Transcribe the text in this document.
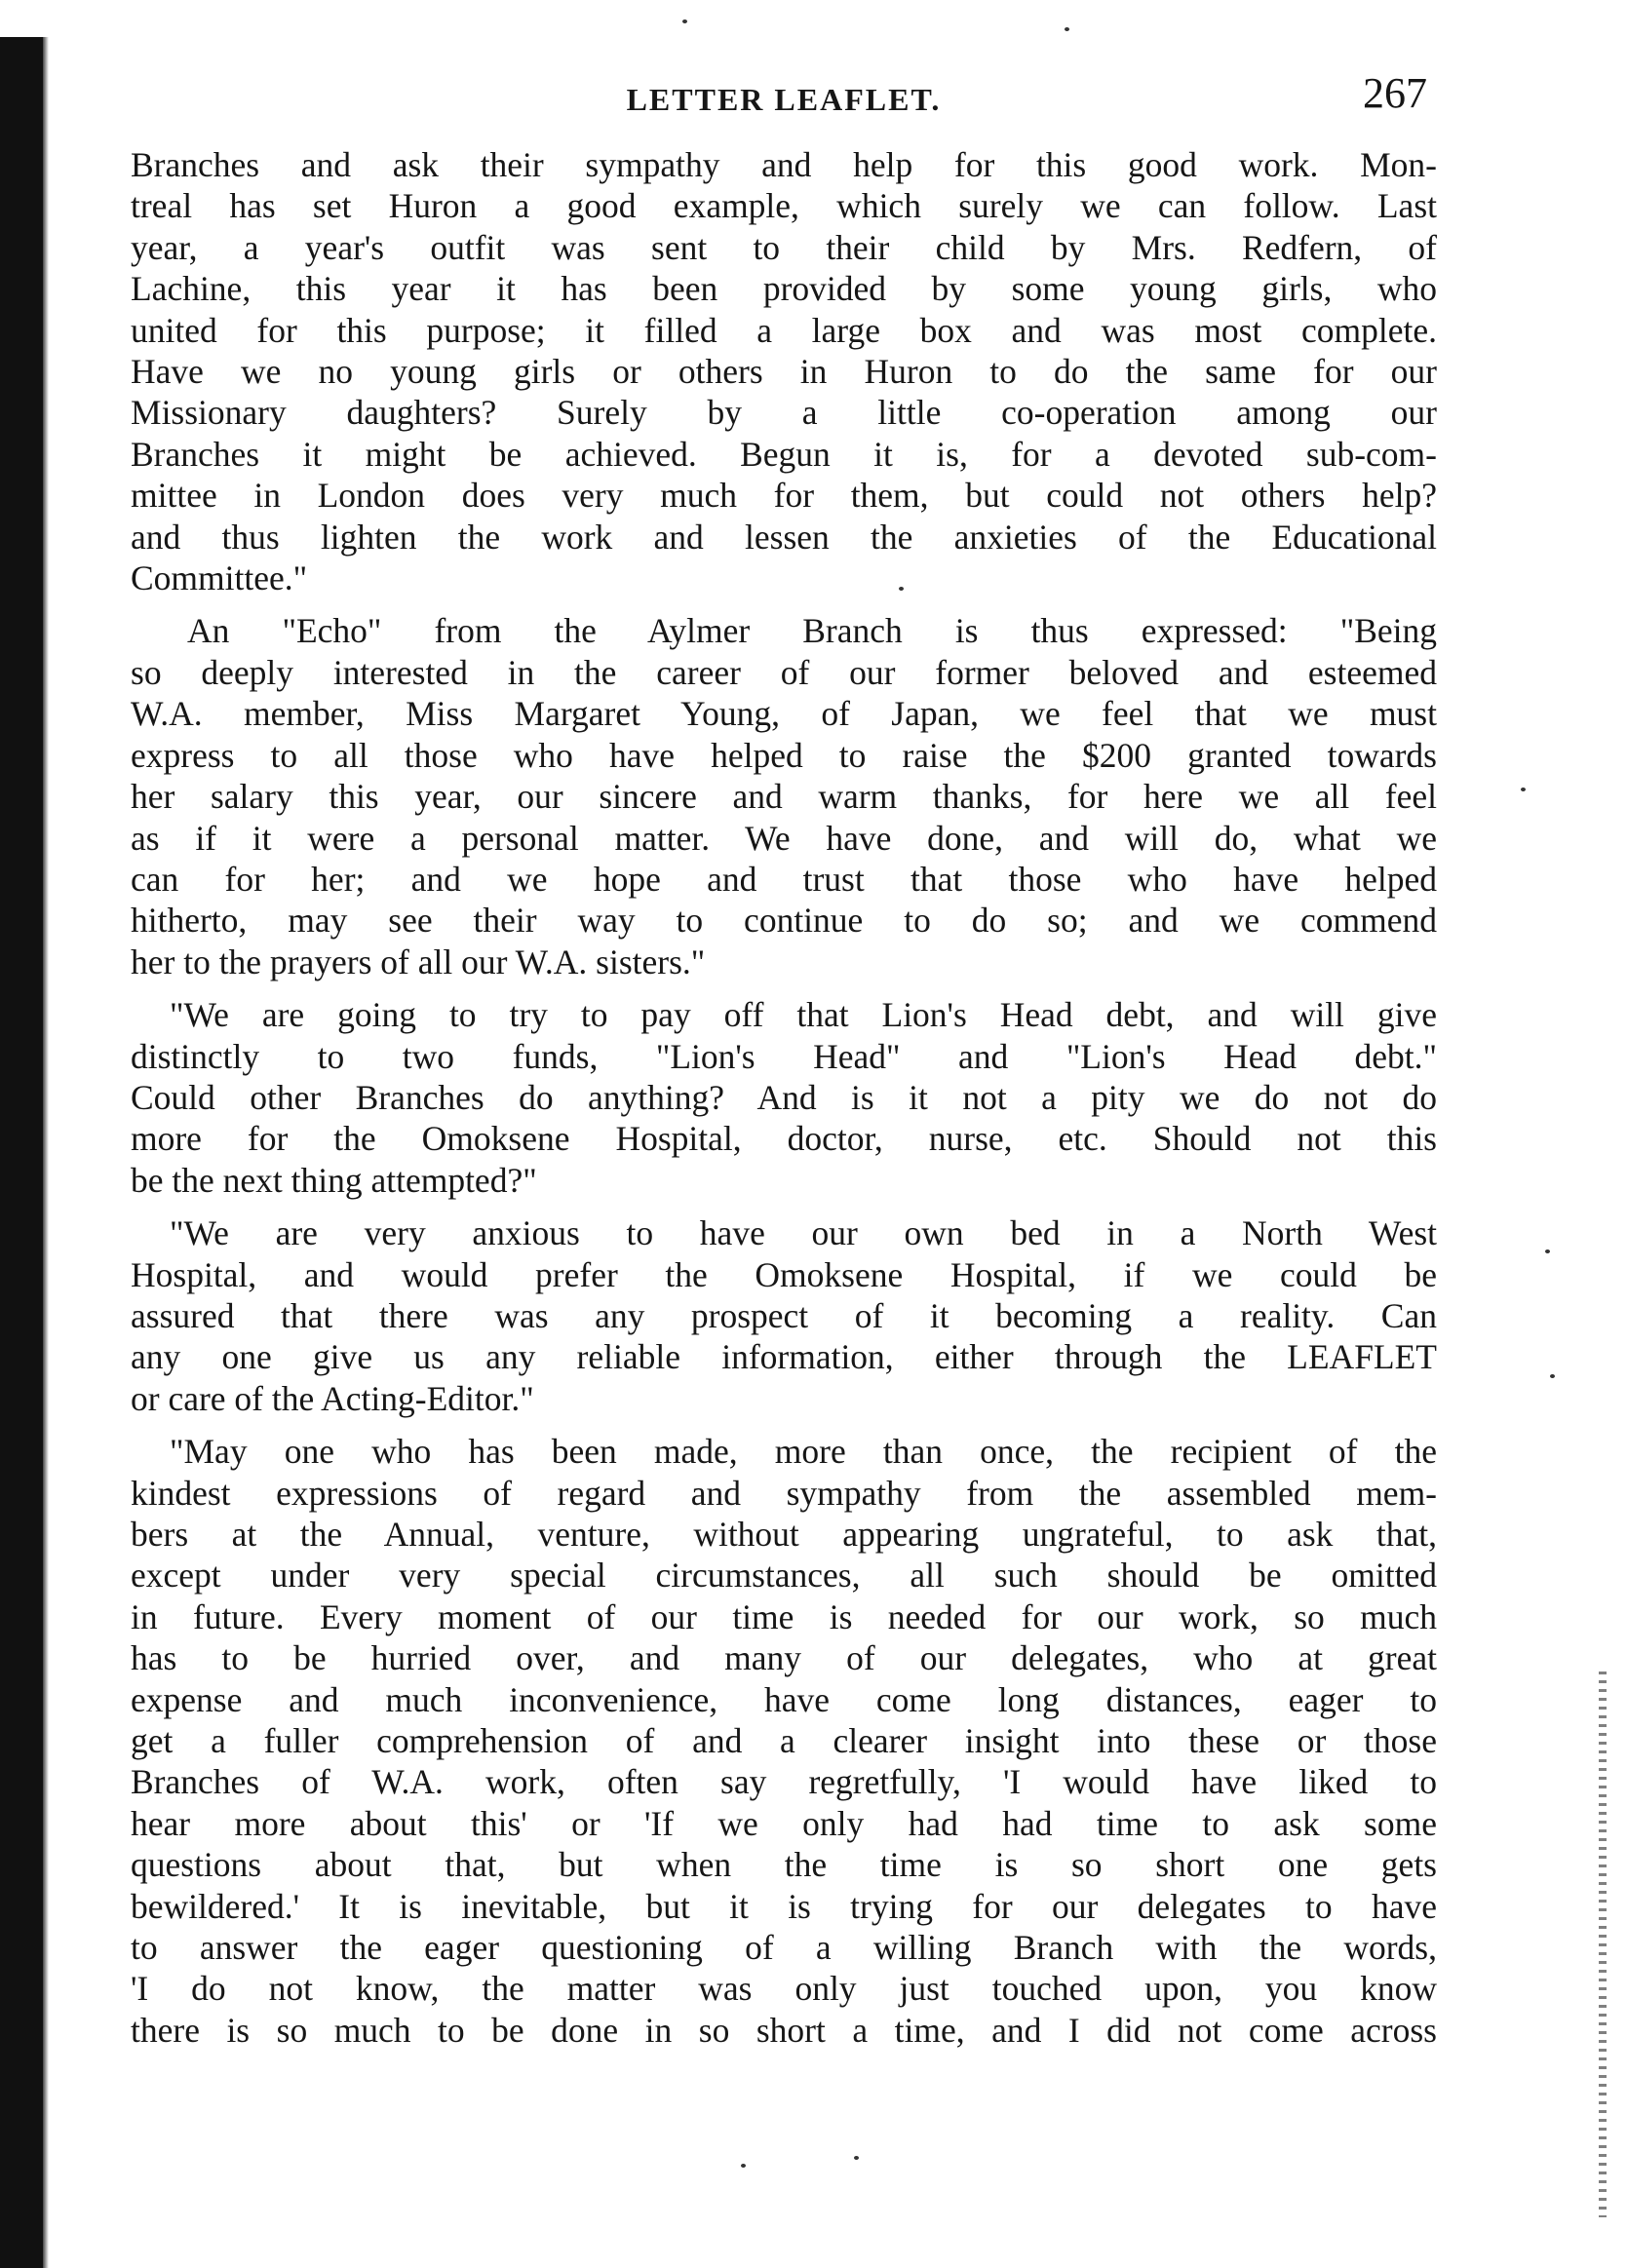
LETTER LEAFLET.	267
Branches and ask their sympathy and help for this good work. Mon-
treal has set Huron a good example, which surely we can follow. Last
year, a year's outfit was sent to their child by Mrs. Redfern, of
Lachine, this year it has been provided by some young girls, who
united for this purpose; it filled a large box and was most complete.
Have we no young girls or others in Huron to do the same for our
Missionary daughters? Surely by a little co-operation among our
Branches it might be achieved. Begun it is, for a devoted sub-com-
mittee in London does very much for them, but could not others help?
and thus lighten the work and lessen the anxieties of the Educational
Committee."
An "Echo" from the Aylmer Branch is thus expressed: "Being
so deeply interested in the career of our former beloved and esteemed
W.A. member, Miss Margaret Young, of Japan, we feel that we must
express to all those who have helped to raise the $200 granted towards
her salary this year, our sincere and warm thanks, for here we all feel
as if it were a personal matter. We have done, and will do, what we
can for her; and we hope and trust that those who have helped
hitherto, may see their way to continue to do so; and we commend
her to the prayers of all our W.A. sisters."
"We are going to try to pay off that Lion's Head debt, and will give
distinctly to two funds, "Lion's Head" and "Lion's Head debt."
Could other Branches do anything? And is it not a pity we do not do
more for the Omoksene Hospital, doctor, nurse, etc. Should not this
be the next thing attempted?"
"We are very anxious to have our own bed in a North West
Hospital, and would prefer the Omoksene Hospital, if we could be
assured that there was any prospect of it becoming a reality. Can
any one give us any reliable information, either through the LEAFLET
or care of the Acting-Editor."
"May one who has been made, more than once, the recipient of the
kindest expressions of regard and sympathy from the assembled mem-
bers at the Annual, venture, without appearing ungrateful, to ask that,
except under very special circumstances, all such should be omitted
in future. Every moment of our time is needed for our work, so much
has to be hurried over, and many of our delegates, who at great
expense and much inconvenience, have come long distances, eager to
get a fuller comprehension of and a clearer insight into these or those
Branches of W.A. work, often say regretfully, 'I would have liked to
hear more about this' or 'If we only had had time to ask some
questions about that, but when the time is so short one gets
bewildered.' It is inevitable, but it is trying for our delegates to have
to answer the eager questioning of a willing Branch with the words,
'I do not know, the matter was only just touched upon, you know
there is so much to be done in so short a time, and I did not come across
